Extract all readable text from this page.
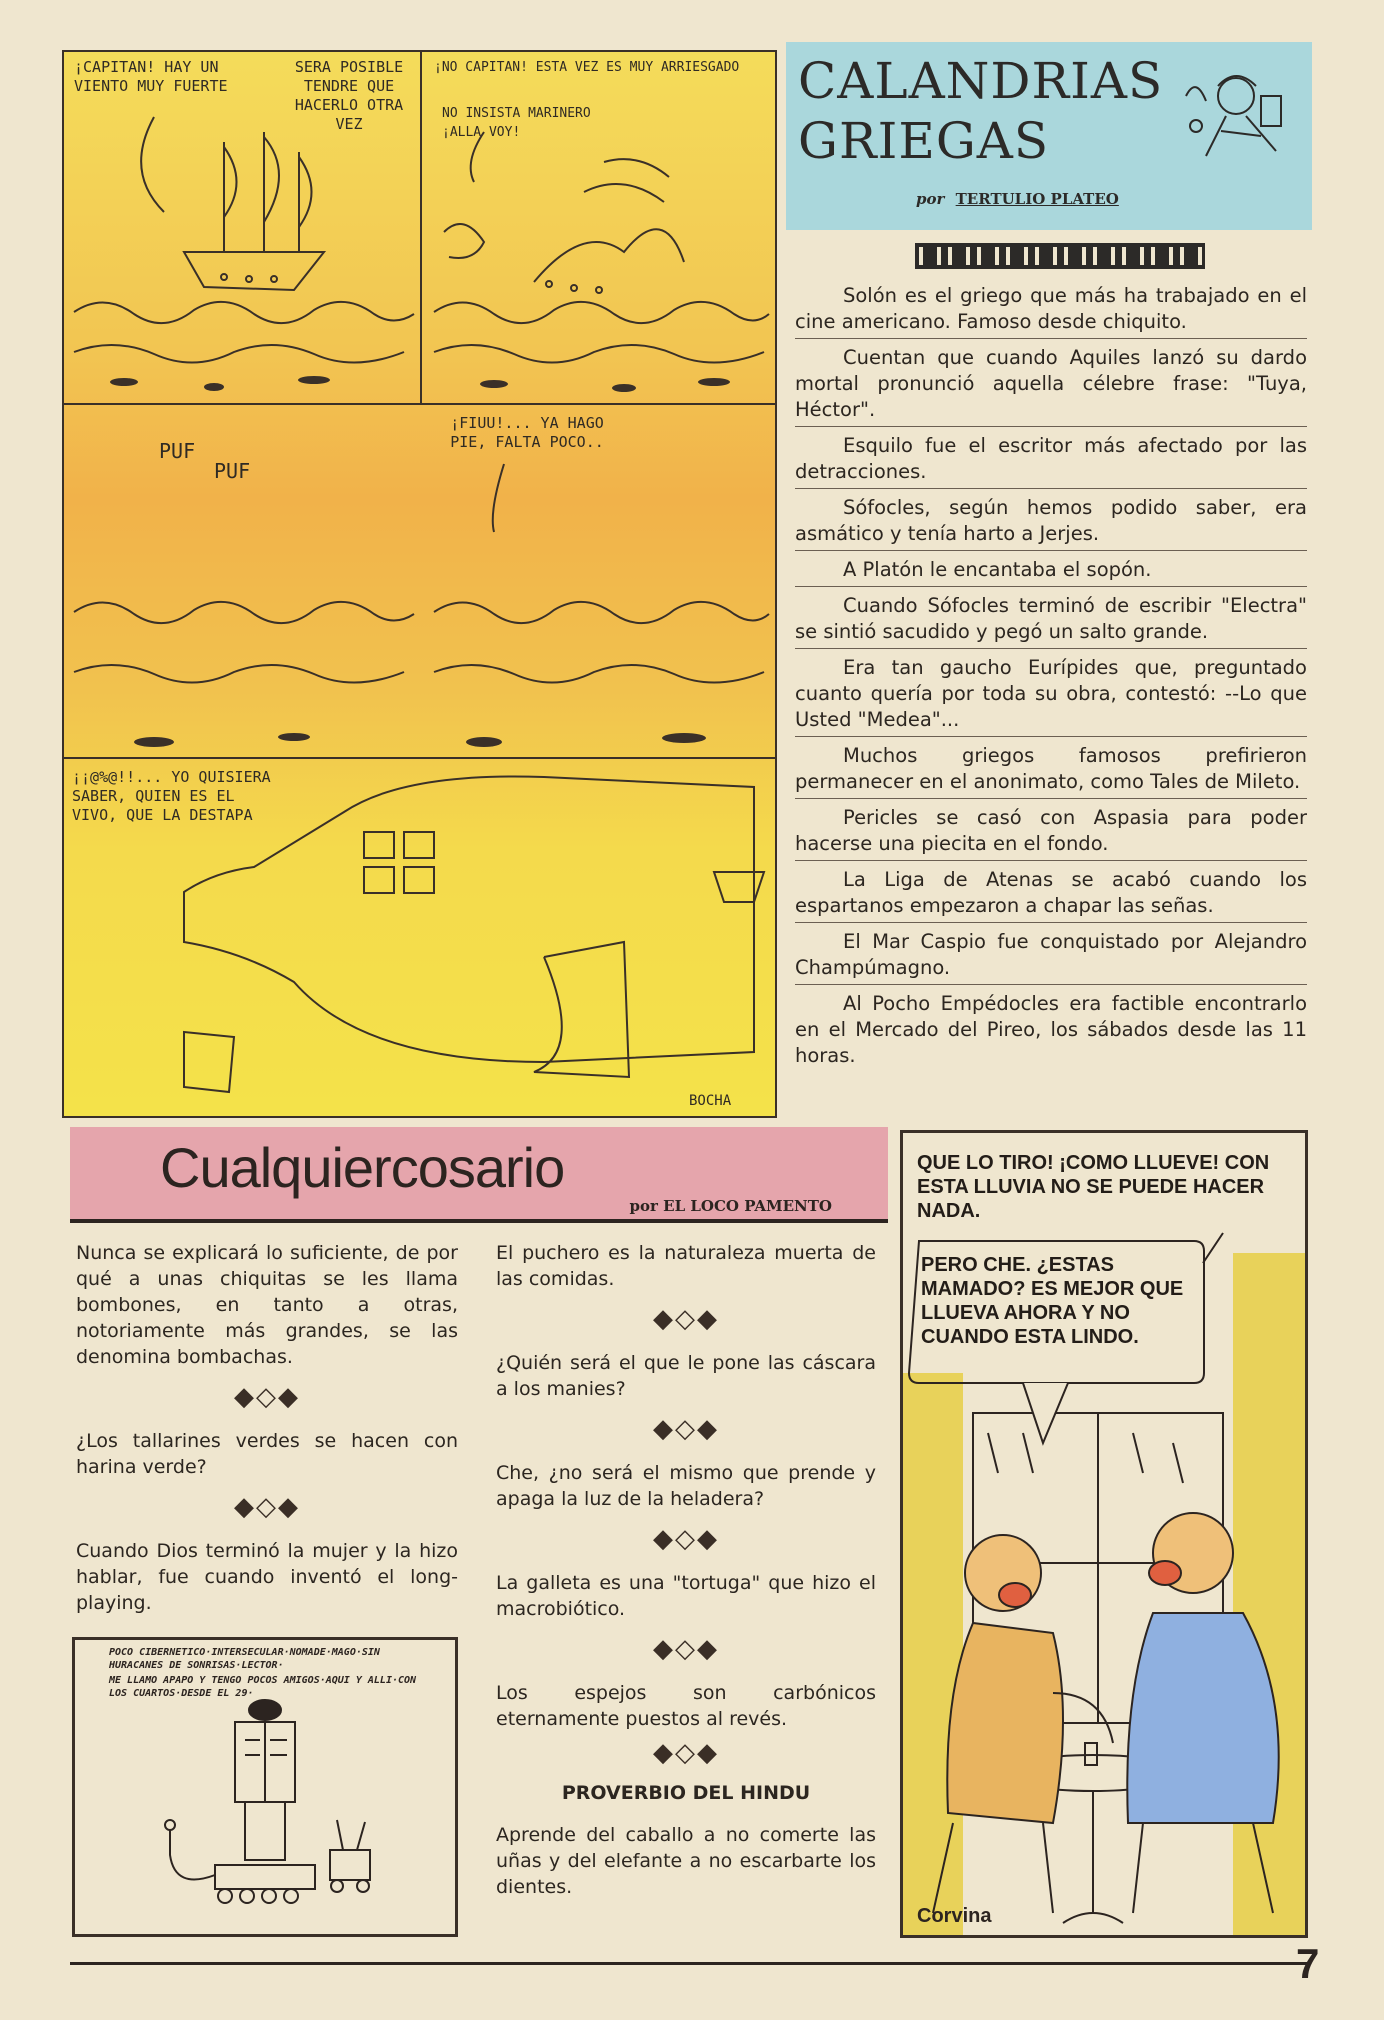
¡CAPITAN! HAY UN VIENTO MUY FUERTE
SERA POSIBLE TENDRE QUE HACERLO OTRA VEZ
¡NO CAPITAN! ESTA VEZ ES MUY ARRIESGADO
NO INSISTA MARINERO ¡ALLA VOY!
PUF
PUF
¡FIUU!... YA HAGO PIE, FALTA POCO..
¡¡@%@!!... YO QUISIERA SABER, QUIEN ES EL VIVO, QUE LA DESTAPA
BOCHA
CALANDRIAS
GRIEGAS
por TERTULIO PLATEO

Solón es el griego que más ha trabajado en el cine americano. Famoso desde chiquito.

Cuentan que cuando Aquiles lanzó su dardo mortal pronunció aquella célebre frase: "Tuya, Héctor".

Esquilo fue el escritor más afectado por las detracciones.

Sófocles, según hemos podido saber, era asmático y tenía harto a Jerjes.

A Platón le encantaba el sopón.

Cuando Sófocles terminó de escribir "Electra" se sintió sacudido y pegó un salto grande.

Era tan gaucho Eurípides que, preguntado cuanto quería por toda su obra, contestó: --Lo que Usted "Medea"...

Muchos griegos famosos prefirieron permanecer en el anonimato, como Tales de Mileto.

Pericles se casó con Aspasia para poder hacerse una piecita en el fondo.

La Liga de Atenas se acabó cuando los espartanos empezaron a chapar las señas.

El Mar Caspio fue conquistado por Alejandro Champúmagno.

Al Pocho Empédocles era factible encontrarlo en el Mercado del Pireo, los sábados desde las 11 horas.

Cualquiercosario
por EL LOCO PAMENTO

Nunca se explicará lo suficiente, de por qué a unas chiquitas se les llama bombones, en tanto a otras, notoriamente más grandes, se las denomina bombachas.

◆◇◆

¿Los tallarines verdes se hacen con harina verde?

◆◇◆

Cuando Dios terminó la mujer y la hizo hablar, fue cuando inventó el long-playing.

El puchero es la naturaleza muerta de las comidas.

◆◇◆

¿Quién será el que le pone las cáscara a los manies?

◆◇◆

Che, ¿no será el mismo que prende y apaga la luz de la heladera?

◆◇◆

La galleta es una "tortuga" que hizo el macrobiótico.

◆◇◆

Los espejos son carbónicos eternamente puestos al revés.

◆◇◆

PROVERBIO DEL HINDU

Aprende del caballo a no comerte las uñas y del elefante a no escarbarte los dientes.

POCO CIBERNETICO·INTERSECULAR·NOMADE·MAGO·SIN HURACANES DE SONRISAS·LECTOR·
ME LLAMO APAPO Y TENGO POCOS AMIGOS·AQUI Y ALLI·CON LOS CUARTOS·DESDE EL 29·
QUE LO TIRO! ¡COMO LLUEVE! CON ESTA LLUVIA NO SE PUEDE HACER NADA.
PERO CHE. ¿ESTAS MAMADO? ES MEJOR QUE LLUEVA AHORA Y NO CUANDO ESTA LINDO.
Corvina
7
